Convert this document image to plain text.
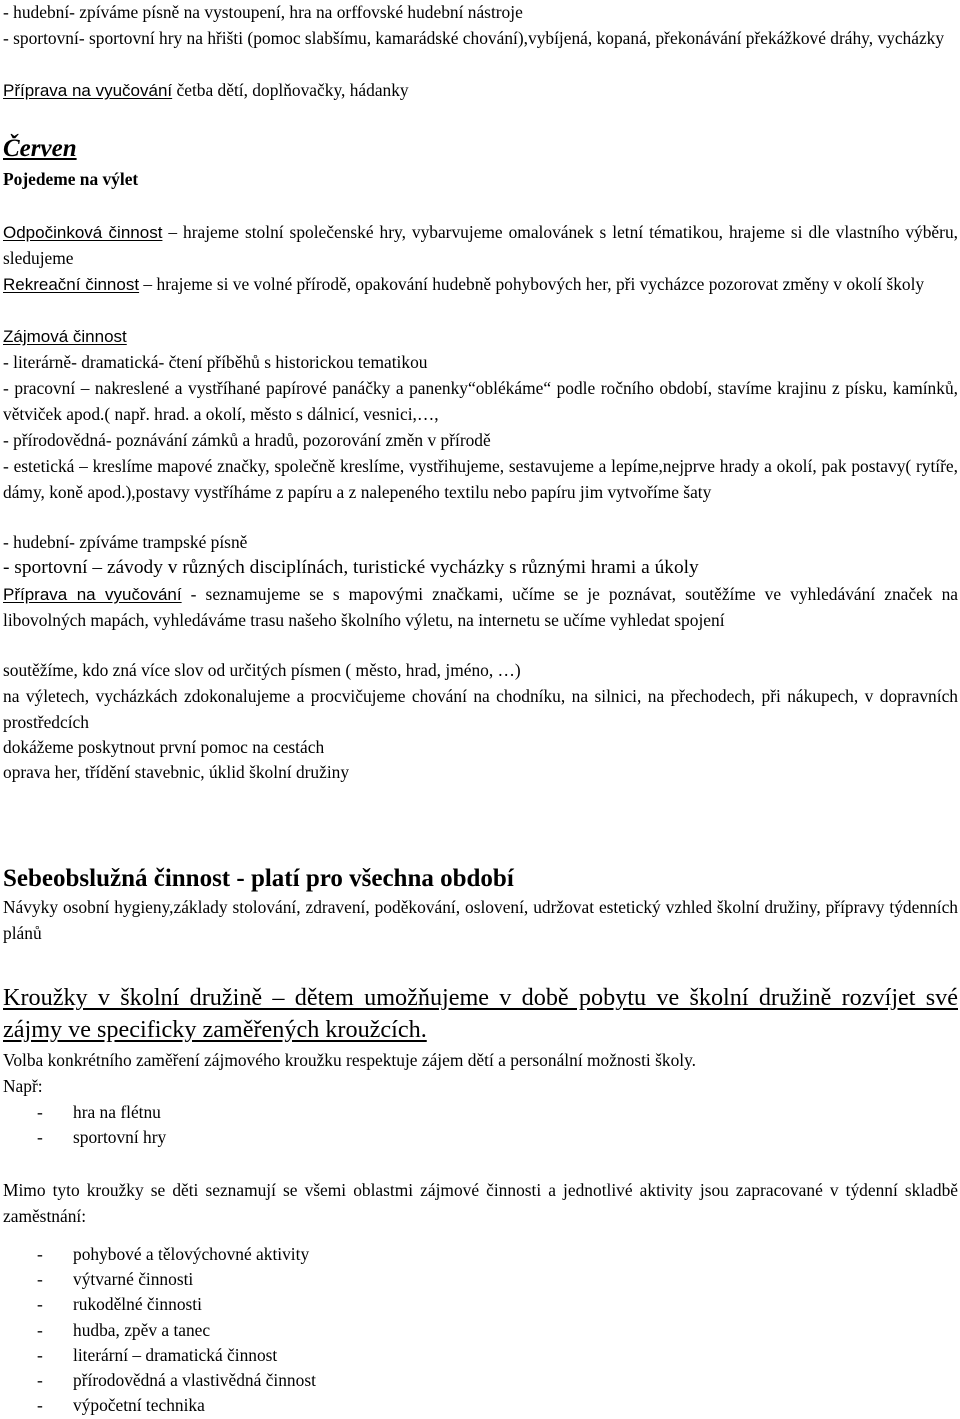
- hudební- zpíváme písně na vystoupení, hra na orffovské hudební nástroje

- sportovní- sportovní hry na hřišti (pomoc slabšímu, kamarádské chování),vybíjená, kopaná, překonávání překážkové dráhy, vycházky

Příprava na vyučování četba dětí, doplňovačky, hádanky

Červen

Pojedeme na výlet

Odpočinková činnost – hrajeme stolní společenské hry, vybarvujeme omalovánek s letní tématikou, hrajeme si dle vlastního výběru, sledujeme

Rekreační činnost – hrajeme si ve volné přírodě, opakování hudebně pohybových her, při vycházce pozorovat změny v okolí školy

Zájmová činnost

- literárně- dramatická- čtení příběhů s historickou tematikou

- pracovní – nakreslené a vystříhané papírové panáčky a panenky“oblékáme“ podle ročního období, stavíme krajinu z písku, kamínků, větviček apod.( např. hrad. a okolí, město s dálnicí, vesnici,…,

- přírodovědná- poznávání zámků a hradů, pozorování změn v přírodě

- estetická – kreslíme mapové značky, společně kreslíme, vystřihujeme, sestavujeme a lepíme,nejprve hrady a okolí, pak postavy( rytíře, dámy, koně apod.),postavy vystříháme z papíru a z nalepeného textilu nebo papíru jim vytvoříme šaty

- hudební- zpíváme trampské písně

- sportovní – závody v různých disciplínách, turistické vycházky s různými hrami a úkoly

Příprava na vyučování - seznamujeme se s mapovými značkami, učíme se je poznávat, soutěžíme ve vyhledávání značek na libovolných mapách, vyhledáváme trasu našeho školního výletu, na internetu se učíme vyhledat spojení

soutěžíme, kdo zná více slov od určitých písmen ( město, hrad, jméno, …)

na výletech, vycházkách zdokonalujeme a procvičujeme chování na chodníku, na silnici, na přechodech, při nákupech, v dopravních prostředcích

dokážeme poskytnout první pomoc na cestách

oprava her, třídění stavebnic, úklid školní družiny

Sebeobslužná činnost - platí pro všechna období

Návyky osobní hygieny,základy stolování, zdravení, poděkování, oslovení, udržovat estetický vzhled školní družiny, přípravy týdenních plánů

Kroužky v školní družině – dětem umožňujeme v době pobytu ve školní družině rozvíjet své zájmy ve specificky zaměřených kroužcích.

Volba konkrétního zaměření zájmového kroužku respektuje zájem dětí a personální možnosti školy.

Např:

- hra na flétnu
- sportovní hry

Mimo tyto kroužky se děti seznamují se všemi oblastmi zájmové činnosti a jednotlivé aktivity jsou zapracované v týdenní skladbě zaměstnání:

- pohybové a tělovýchovné aktivity
- výtvarné činnosti
- rukodělné činnosti
- hudba, zpěv a tanec
- literární – dramatická činnost
- přírodovědná a vlastivědná činnost
- výpočetní technika
